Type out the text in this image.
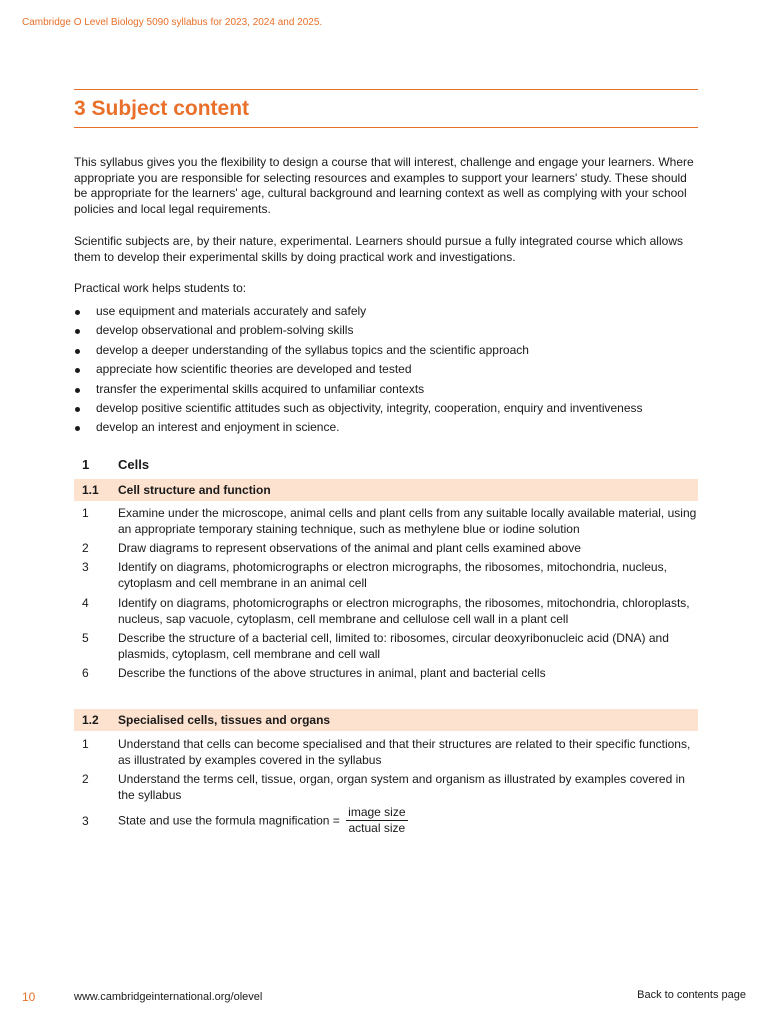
Cambridge O Level Biology 5090 syllabus for 2023, 2024 and 2025.
3 Subject content

This syllabus gives you the flexibility to design a course that will interest, challenge and engage your learners. Where appropriate you are responsible for selecting resources and examples to support your learners' study. These should be appropriate for the learners' age, cultural background and learning context as well as complying with your school policies and local legal requirements.

Scientific subjects are, by their nature, experimental. Learners should pursue a fully integrated course which allows them to develop their experimental skills by doing practical work and investigations.

Practical work helps students to:

use equipment and materials accurately and safely
develop observational and problem-solving skills
develop a deeper understanding of the syllabus topics and the scientific approach
appreciate how scientific theories are developed and tested
transfer the experimental skills acquired to unfamiliar contexts
develop positive scientific attitudes such as objectivity, integrity, cooperation, enquiry and inventiveness
develop an interest and enjoyment in science.
1 Cells
1.1 Cell structure and function
1 Examine under the microscope, animal cells and plant cells from any suitable locally available material, using an appropriate temporary staining technique, such as methylene blue or iodine solution
2 Draw diagrams to represent observations of the animal and plant cells examined above
3 Identify on diagrams, photomicrographs or electron micrographs, the ribosomes, mitochondria, nucleus, cytoplasm and cell membrane in an animal cell
4 Identify on diagrams, photomicrographs or electron micrographs, the ribosomes, mitochondria, chloroplasts, nucleus, sap vacuole, cytoplasm, cell membrane and cellulose cell wall in a plant cell
5 Describe the structure of a bacterial cell, limited to: ribosomes, circular deoxyribonucleic acid (DNA) and plasmids, cytoplasm, cell membrane and cell wall
6 Describe the functions of the above structures in animal, plant and bacterial cells
1.2 Specialised cells, tissues and organs
1 Understand that cells can become specialised and that their structures are related to their specific functions, as illustrated by examples covered in the syllabus
2 Understand the terms cell, tissue, organ, organ system and organism as illustrated by examples covered in the syllabus
3 State and use the formula magnification = $\frac{\text{image size}}{\text{actual size}}$
10	www.cambridgeinternational.org/olevel	Back to contents page
